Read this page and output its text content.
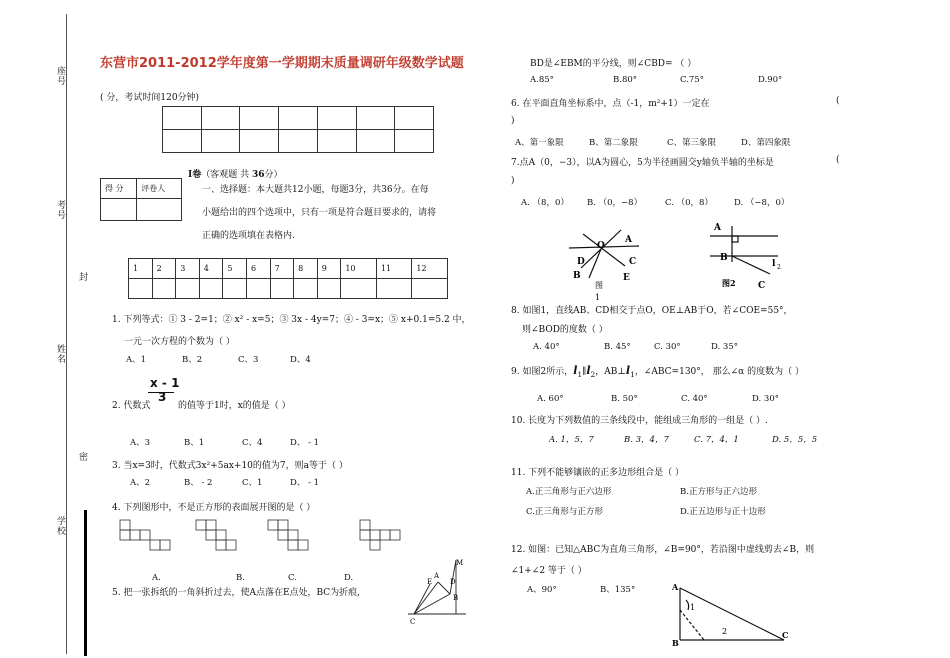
座号
考号
封
姓名
密
学校
东营市2011-2012学年度第一学期期末质量调研年级数学试题
( 分，考试时间120分钟)

Ⅰ卷（客观题 共 36分）
得 分	评卷人
		一、选择题：本大题共12小题，每题3分，共36分。在每
小题给出的四个选项中，只有一项是符合题目要求的，请将
正确的选项填在表格内.
1	2	3	4	5	6	7	8	9	10	11	12

1. 下列等式：① 3 - 2=1；② x² - x=5；③ 3x - 4y=7；④ - 3=x；⑤ x+0.1=5.2 中，
一元一次方程的个数为（ ）
A、1	B、2	C、3	D、4
2. 代数式
x - 1
3
的值等于1时，x的值是（ ）
A、3	B、1	C、4	D、 - 1
3. 当x=3时，代数式3x²+5ax+10的值为7，则a等于（ ）
A、2	B、 - 2	C、1	D、 - 1
4. 下列图形中，不是正方形的表面展开图的是（ ）
A.	B.	C.	D.
5. 把一张拆纸的一角斜折过去，使A点落在E点处，BC为折痕,
M
E
A
D
B
C
BD是∠EBM的平分线，则∠CBD= （ ）
A.85°	B.80°	C.75°	D.90°
6. 在平面直角坐标系中，点（-1，m²+1）一定在	(
)
A、第一象限	B、第二象限	C、第三象限	D、第四象限
7.点A（0，−3），以A为圆心，5为半径画圆交y轴负半轴的坐标是	(
)
A. （8，0） B. （0，−8）	C. （0，8） D. （−8，0）
A
O
D	C
B	E
图
1
A
B
l 2
C
图2
8. 如图1，直线AB、CD相交于点O，OE⊥AB于O，若∠COE=55°，
则∠BOD的度数（ ）
A. 40°	B. 45°	C. 30°	D. 35°
9. 如图2所示，$l_1\parallel l_2$，$AB\perp l_1$，∠ABC=130°， 那么∠α 的度数为（ ）
A. 60°	B. 50°	C. 40°	D. 30°
10. 长度为下列数值的三条线段中，能组成三角形的一组是（ ）.
A. 1，5，7	B. 3，4，7	C. 7，4，1	D. 5，5，5
11. 下列不能够镶嵌的正多边形组合是（ ）
A.正三角形与正六边形	B.正方形与正六边形
C.正三角形与正方形	D.正五边形与正十边形
12. 如图：已知△ABC为直角三角形，∠B=90°，若沿图中虚线剪去∠B，则
∠1+∠2 等于（ ）
A、90°	B、135°	A
1
2
B
C
